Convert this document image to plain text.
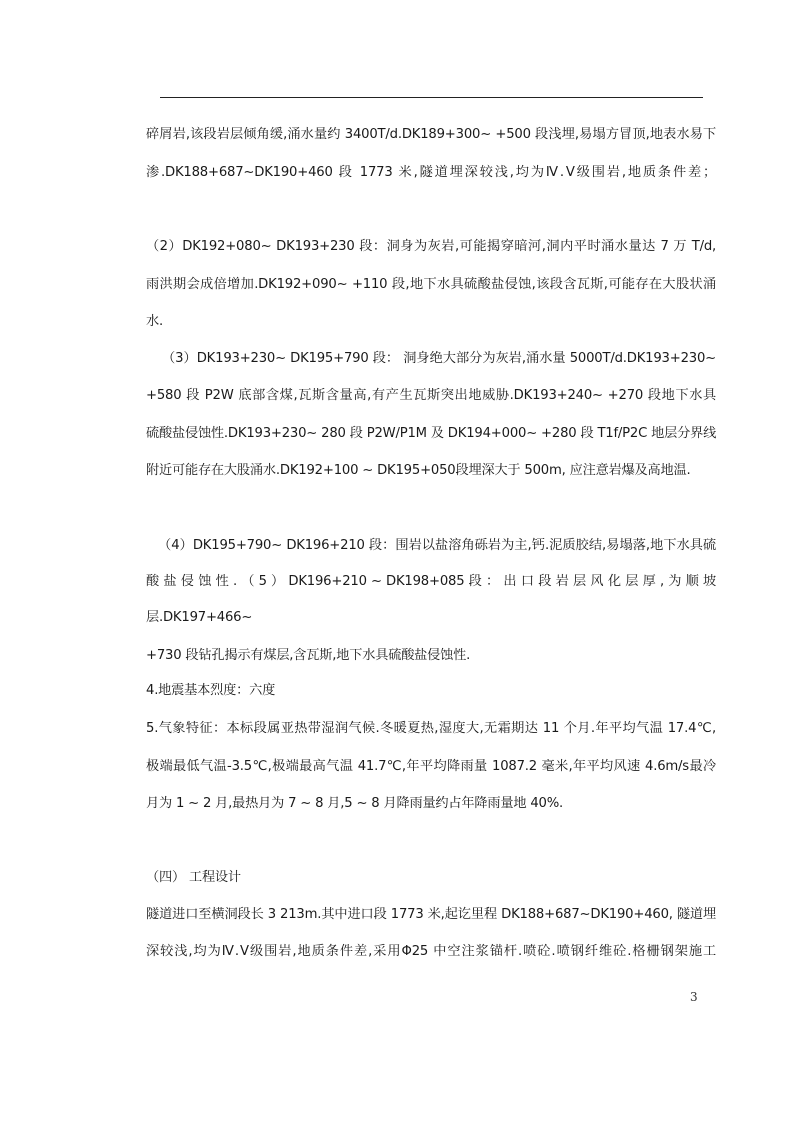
碎屑岩,该段岩层倾角缓,涌水量约 3400T/d.DK189+300~ +500 段浅埋,易塌方冒顶,地表水易下
渗.DK188+687~DK190+460 段 1773 米,隧道埋深较浅,均为Ⅳ.Ⅴ级围岩,地质条件差；
（2）DK192+080~ DK193+230 段：洞身为灰岩,可能揭穿暗河,洞内平时涌水量达 7 万 T/d,
雨洪期会成倍增加.DK192+090~ +110 段,地下水具硫酸盐侵蚀,该段含瓦斯,可能存在大股状涌
水.
（3）DK193+230~ DK195+790 段： 洞身绝大部分为灰岩,涌水量 5000T/d.DK193+230~
+580 段 P2W 底部含煤,瓦斯含量高,有产生瓦斯突出地威胁.DK193+240~ +270 段地下水具
硫酸盐侵蚀性.DK193+230~ 280 段 P2W/P1M 及 DK194+000~ +280 段 T1f/P2C 地层分界线
附近可能存在大股涌水.DK192+100 ~ DK195+050段埋深大于 500m, 应注意岩爆及高地温.
（4）DK195+790~ DK196+210 段：围岩以盐溶角砾岩为主,钙.泥质胶结,易塌落,地下水具硫
酸 盐 侵 蚀 性 . （ 5 ） DK196+210 ~ DK198+085 段 ： 出 口 段 岩 层 风 化 层 厚 , 为 顺 坡
层.DK197+466~
+730 段钻孔揭示有煤层,含瓦斯,地下水具硫酸盐侵蚀性.
4.地震基本烈度：六度
5.气象特征：本标段属亚热带湿润气候.冬暖夏热,湿度大,无霜期达 11 个月.年平均气温 17.4℃,
极端最低气温-3.5℃,极端最高气温 41.7℃,年平均降雨量 1087.2 毫米,年平均风速 4.6m/s最冷
月为 1 ~ 2 月,最热月为 7 ~ 8 月,5 ~ 8 月降雨量约占年降雨量地 40%.
（四） 工程设计
隧道进口至横洞段长 3 213m.其中进口段 1773 米,起讫里程 DK188+687~DK190+460, 隧道埋
深较浅,均为Ⅳ.Ⅴ级围岩,地质条件差,采用Φ25 中空注浆锚杆.喷砼.喷钢纤维砼.格栅钢架施工
3
